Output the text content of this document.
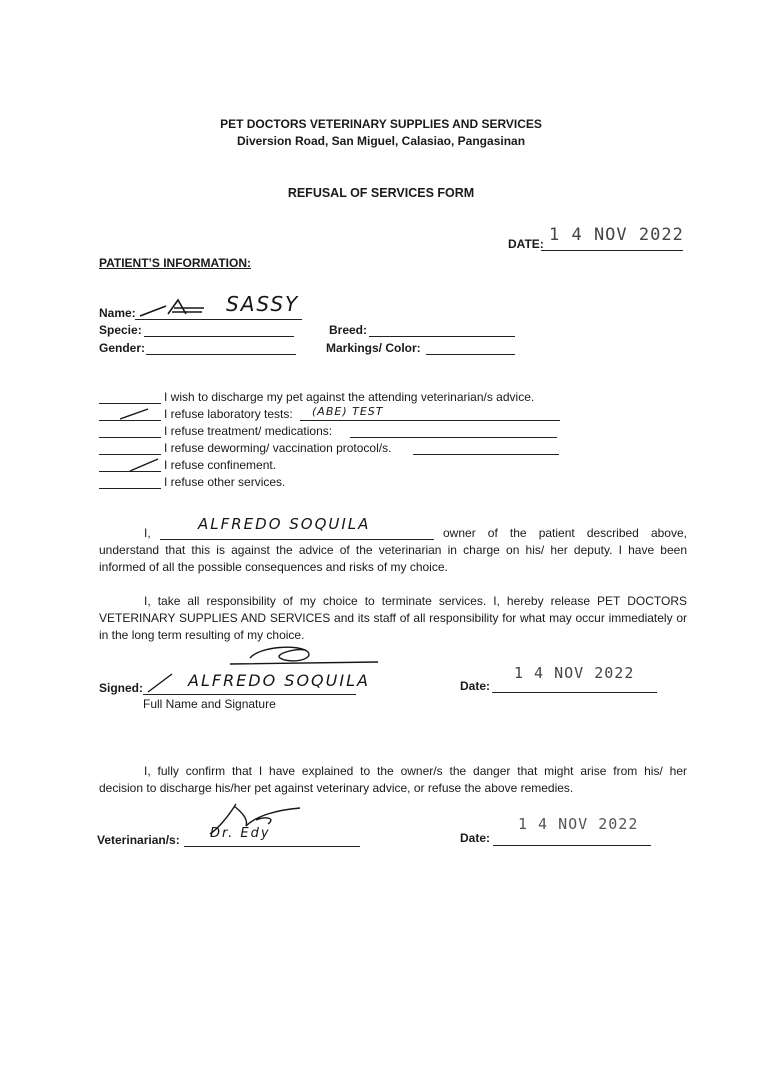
PET DOCTORS VETERINARY SUPPLIES AND SERVICES
Diversion Road, San Miguel, Calasiao, Pangasinan
REFUSAL OF SERVICES FORM
DATE: 1 4 NOV 2022
PATIENT’S INFORMATION:
Name:	SASSY
Specie:	Breed:
Gender:	Markings/ Color:
I wish to discharge my pet against the attending veterinarian/s advice.
I refuse laboratory tests: (ABE) TEST
I refuse treatment/ medications:
I refuse deworming/ vaccination protocol/s.
I refuse confinement.
I refuse other services.
I,	ALFREDO SOQUILA	owner of the patient described above,
understand that this is against the advice of the veterinarian in charge on his/ her deputy. I have been
informed of all the possible consequences and risks of my choice.
I, take all responsibility of my choice to terminate services. I, hereby release PET DOCTORS
VETERINARY SUPPLIES AND SERVICES and its staff of all responsibility for what may occur immediately or
in the long term resulting of my choice.
Signed:	ALFREDO SOQUILA
Full Name and Signature
Date:
1 4 NOV 2022
I, fully confirm that I have explained to the owner/s the danger that might arise from his/ her
decision to discharge his/her pet against veterinary advice, or refuse the above remedies.
Veterinarian/s: Dr. Edy	Date:
1 4 NOV 2022
